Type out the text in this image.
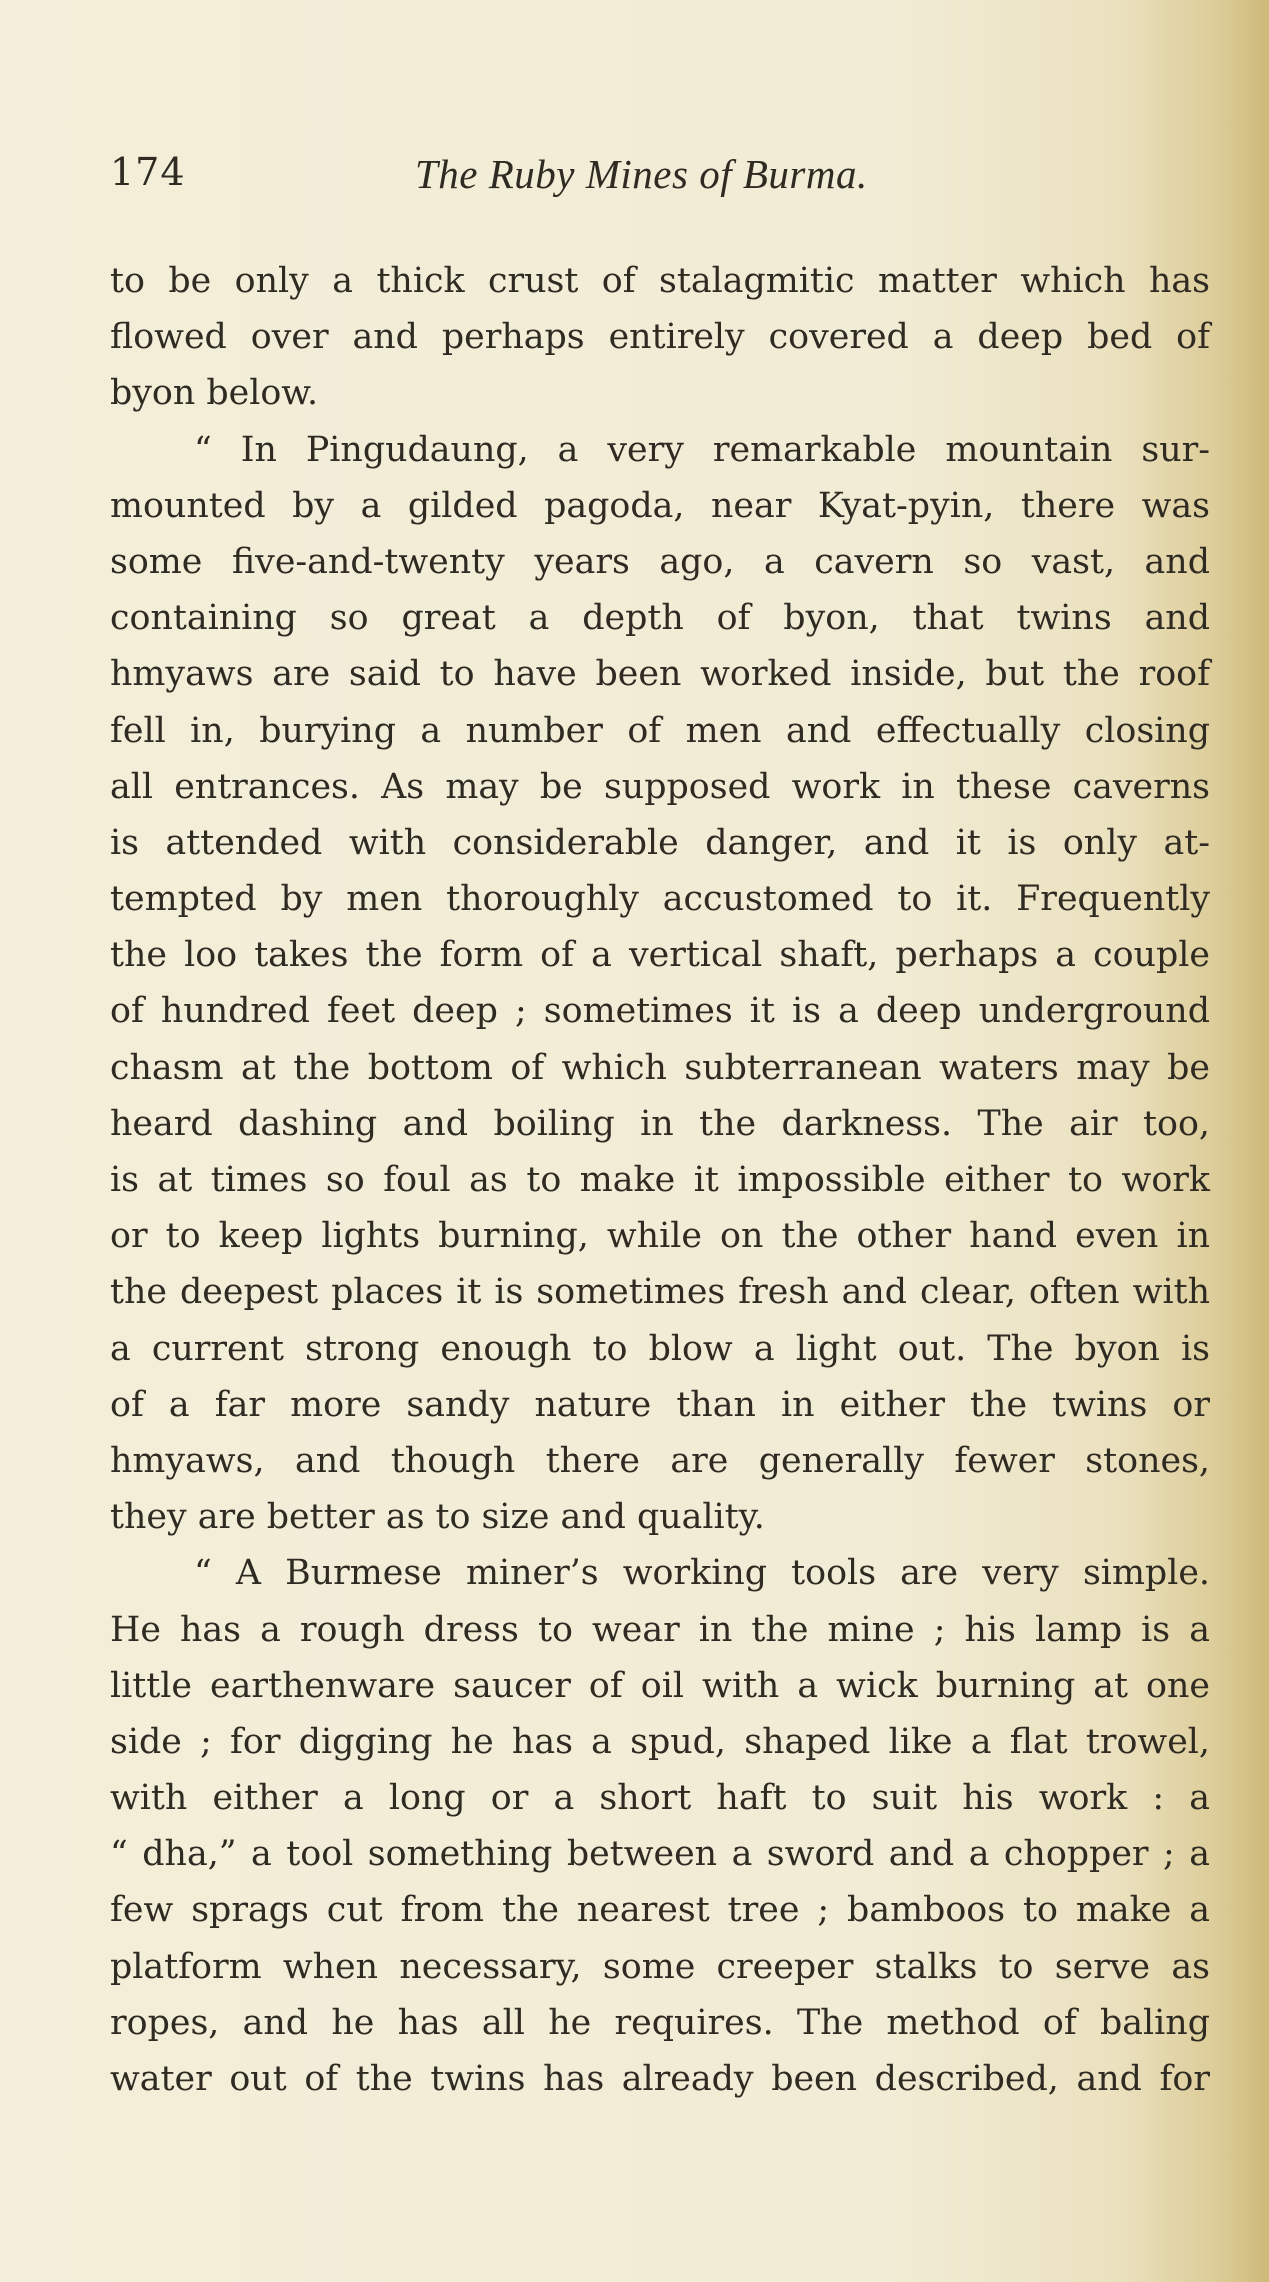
174	The Ruby Mines of Burma.
to be only a thick crust of stalagmitic matter which has
flowed over and perhaps entirely covered a deep bed of
byon below.
“ In Pingudaung, a very remarkable mountain sur-
mounted by a gilded pagoda, near Kyat-pyin, there was
some five-and-twenty years ago, a cavern so vast, and
containing so great a depth of byon, that twins and
hmyaws are said to have been worked inside, but the roof
fell in, burying a number of men and effectually closing
all entrances. As may be supposed work in these caverns
is attended with considerable danger, and it is only at-
tempted by men thoroughly accustomed to it. Frequently
the loo takes the form of a vertical shaft, perhaps a couple
of hundred feet deep ; sometimes it is a deep underground
chasm at the bottom of which subterranean waters may be
heard dashing and boiling in the darkness. The air too,
is at times so foul as to make it impossible either to work
or to keep lights burning, while on the other hand even in
the deepest places it is sometimes fresh and clear, often with
a current strong enough to blow a light out. The byon is
of a far more sandy nature than in either the twins or
hmyaws, and though there are generally fewer stones,
they are better as to size and quality.
“ A Burmese miner’s working tools are very simple.
He has a rough dress to wear in the mine ; his lamp is a
little earthenware saucer of oil with a wick burning at one
side ; for digging he has a spud, shaped like a flat trowel,
with either a long or a short haft to suit his work : a
“ dha,” a tool something between a sword and a chopper ; a
few sprags cut from the nearest tree ; bamboos to make a
platform when necessary, some creeper stalks to serve as
ropes, and he has all he requires. The method of baling
water out of the twins has already been described, and for
